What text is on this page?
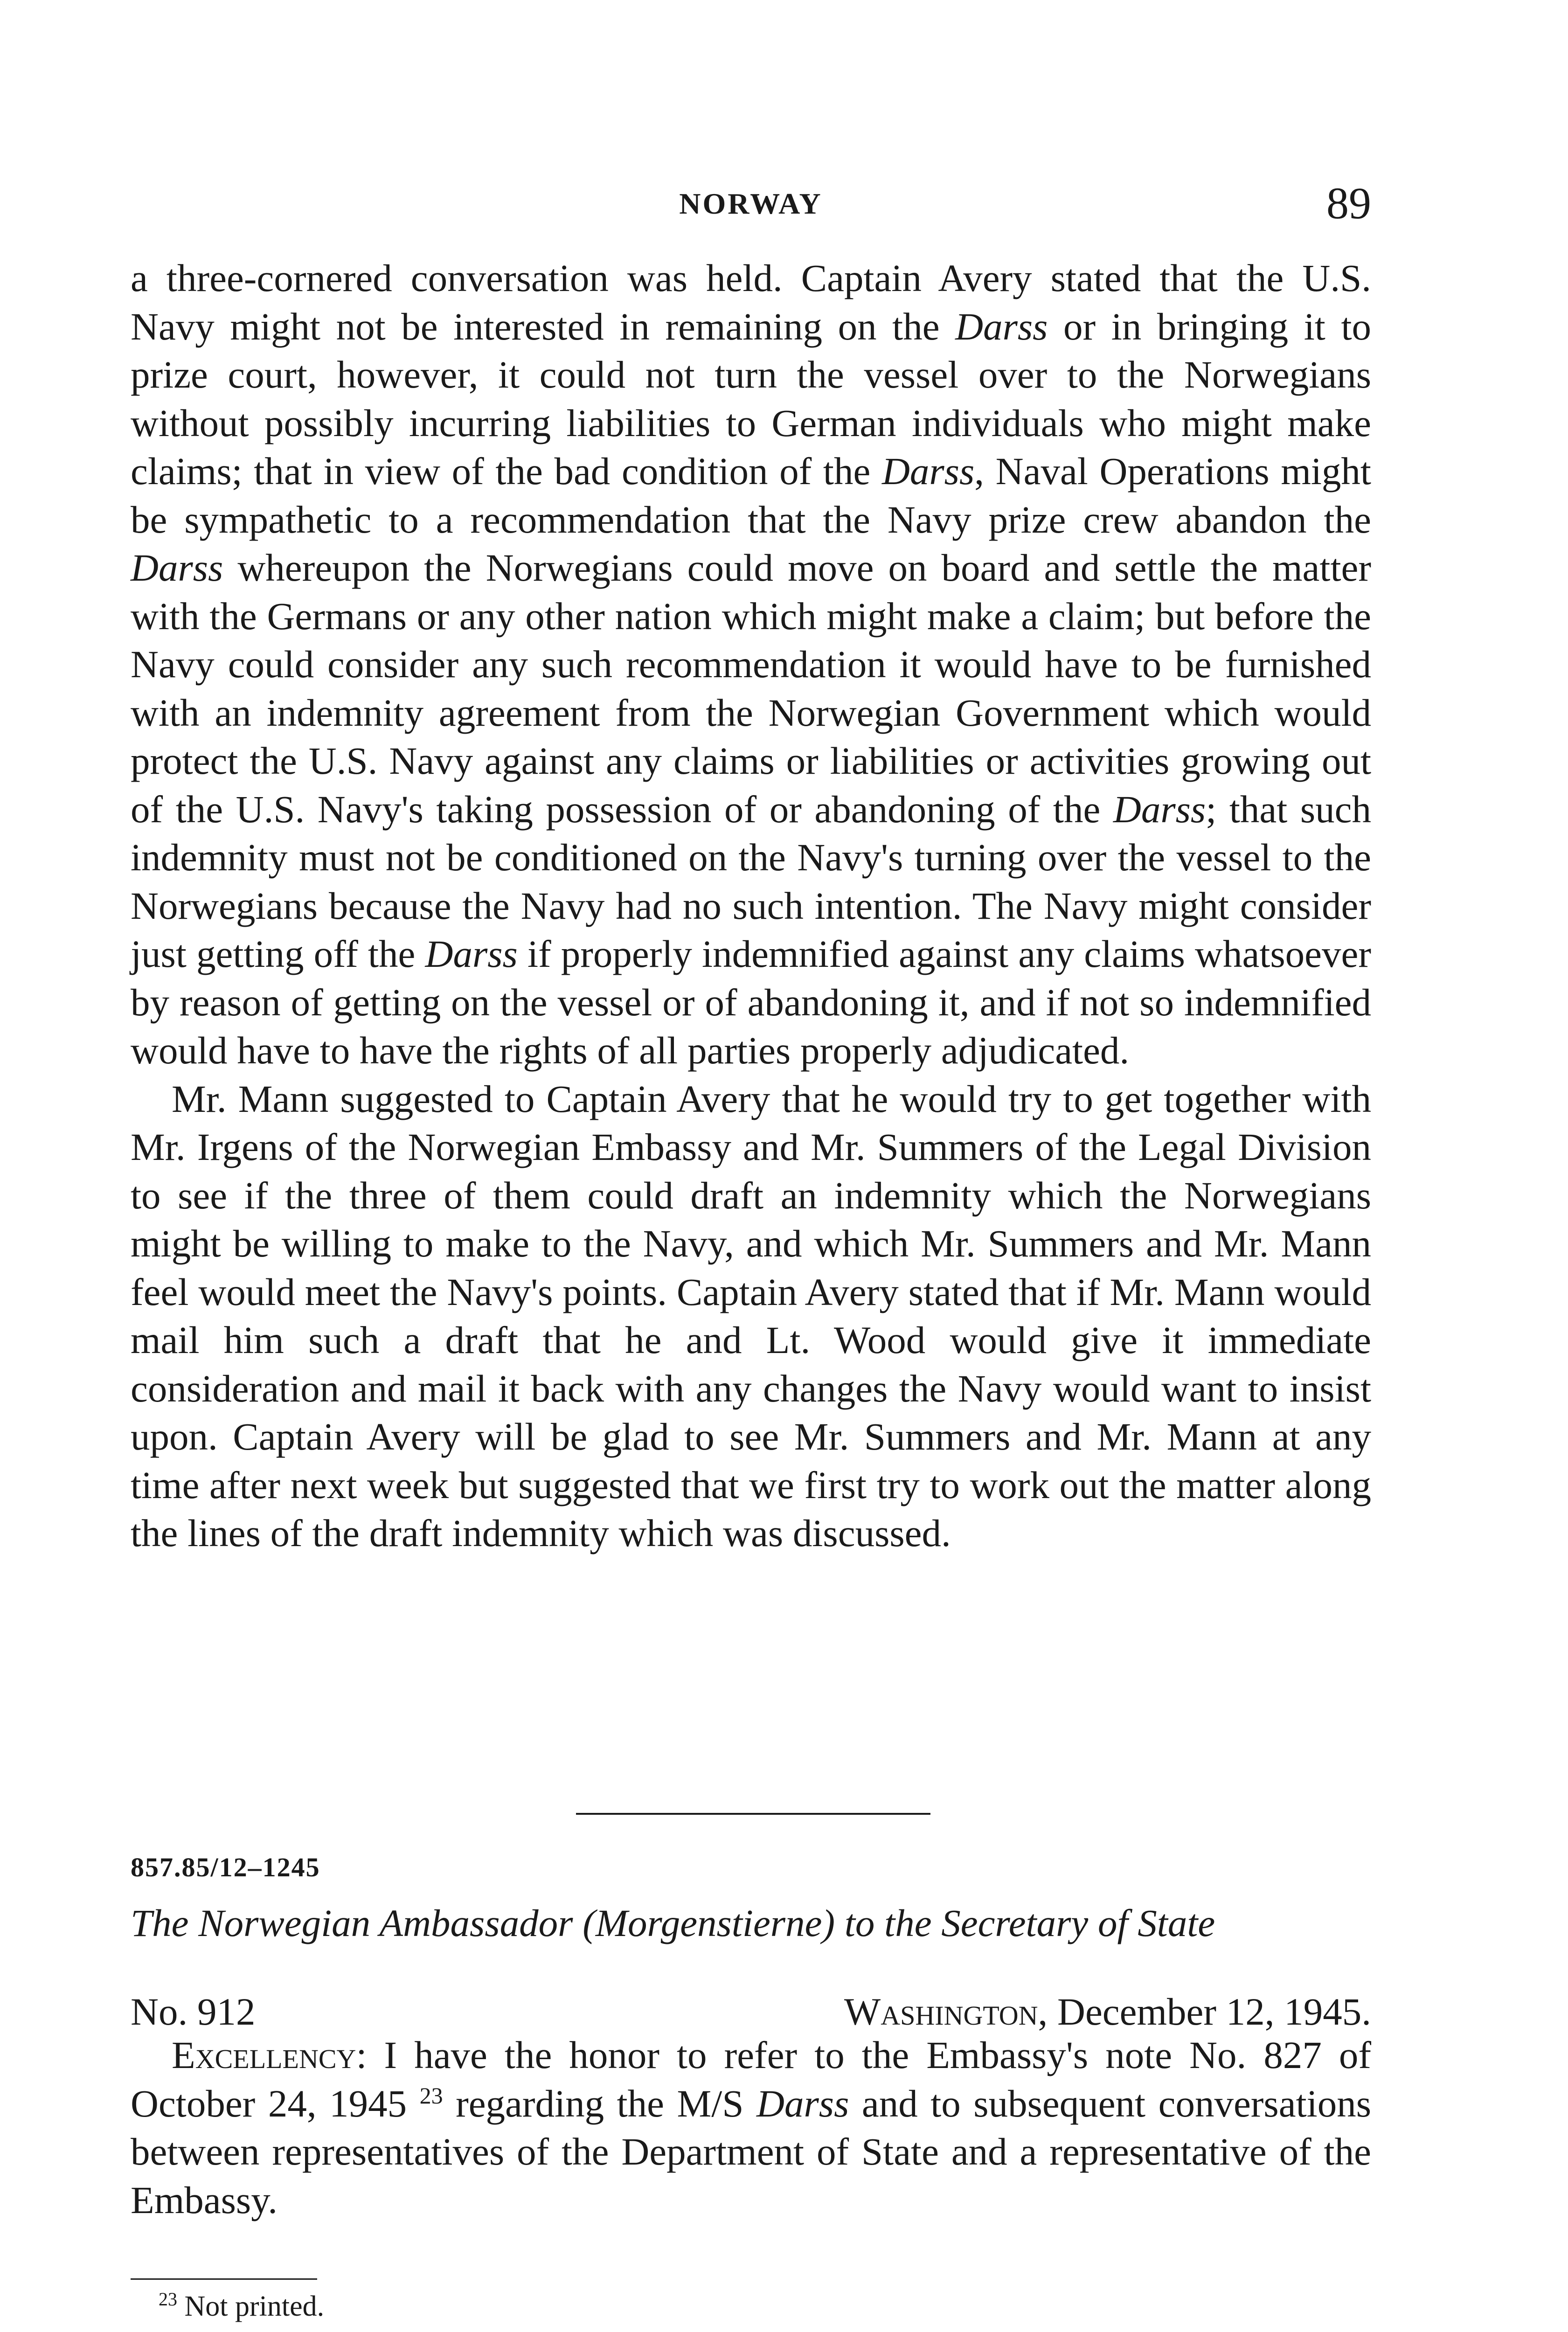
NORWAY	89

a three-cornered conversation was held. Captain Avery stated that the U.S. Navy might not be interested in remaining on the Darss or in bringing it to prize court, however, it could not turn the vessel over to the Norwegians without possibly incurring liabilities to German individuals who might make claims; that in view of the bad condition of the Darss, Naval Operations might be sympathetic to a recommendation that the Navy prize crew abandon the Darss whereupon the Norwegians could move on board and settle the matter with the Germans or any other nation which might make a claim; but before the Navy could consider any such recommendation it would have to be furnished with an indemnity agreement from the Norwegian Government which would protect the U.S. Navy against any claims or liabilities or activities growing out of the U.S. Navy's taking possession of or abandoning of the Darss; that such indemnity must not be conditioned on the Navy's turning over the vessel to the Norwegians because the Navy had no such intention. The Navy might consider just getting off the Darss if properly indemnified against any claims whatsoever by reason of getting on the vessel or of abandoning it, and if not so indemnified would have to have the rights of all parties properly adjudicated.

Mr. Mann suggested to Captain Avery that he would try to get together with Mr. Irgens of the Norwegian Embassy and Mr. Summers of the Legal Division to see if the three of them could draft an indemnity which the Norwegians might be willing to make to the Navy, and which Mr. Summers and Mr. Mann feel would meet the Navy's points. Captain Avery stated that if Mr. Mann would mail him such a draft that he and Lt. Wood would give it immediate consideration and mail it back with any changes the Navy would want to insist upon. Captain Avery will be glad to see Mr. Summers and Mr. Mann at any time after next week but suggested that we first try to work out the matter along the lines of the draft indemnity which was discussed.

857.85/12–1245
The Norwegian Ambassador (Morgenstierne) to the Secretary of State
No. 912	Washington, December 12, 1945.

Excellency: I have the honor to refer to the Embassy's note No. 827 of October 24, 1945 $^{23}$ regarding the M/S Darss and to subsequent conversations between representatives of the Department of State and a representative of the Embassy.

$^{23}$ Not printed.
